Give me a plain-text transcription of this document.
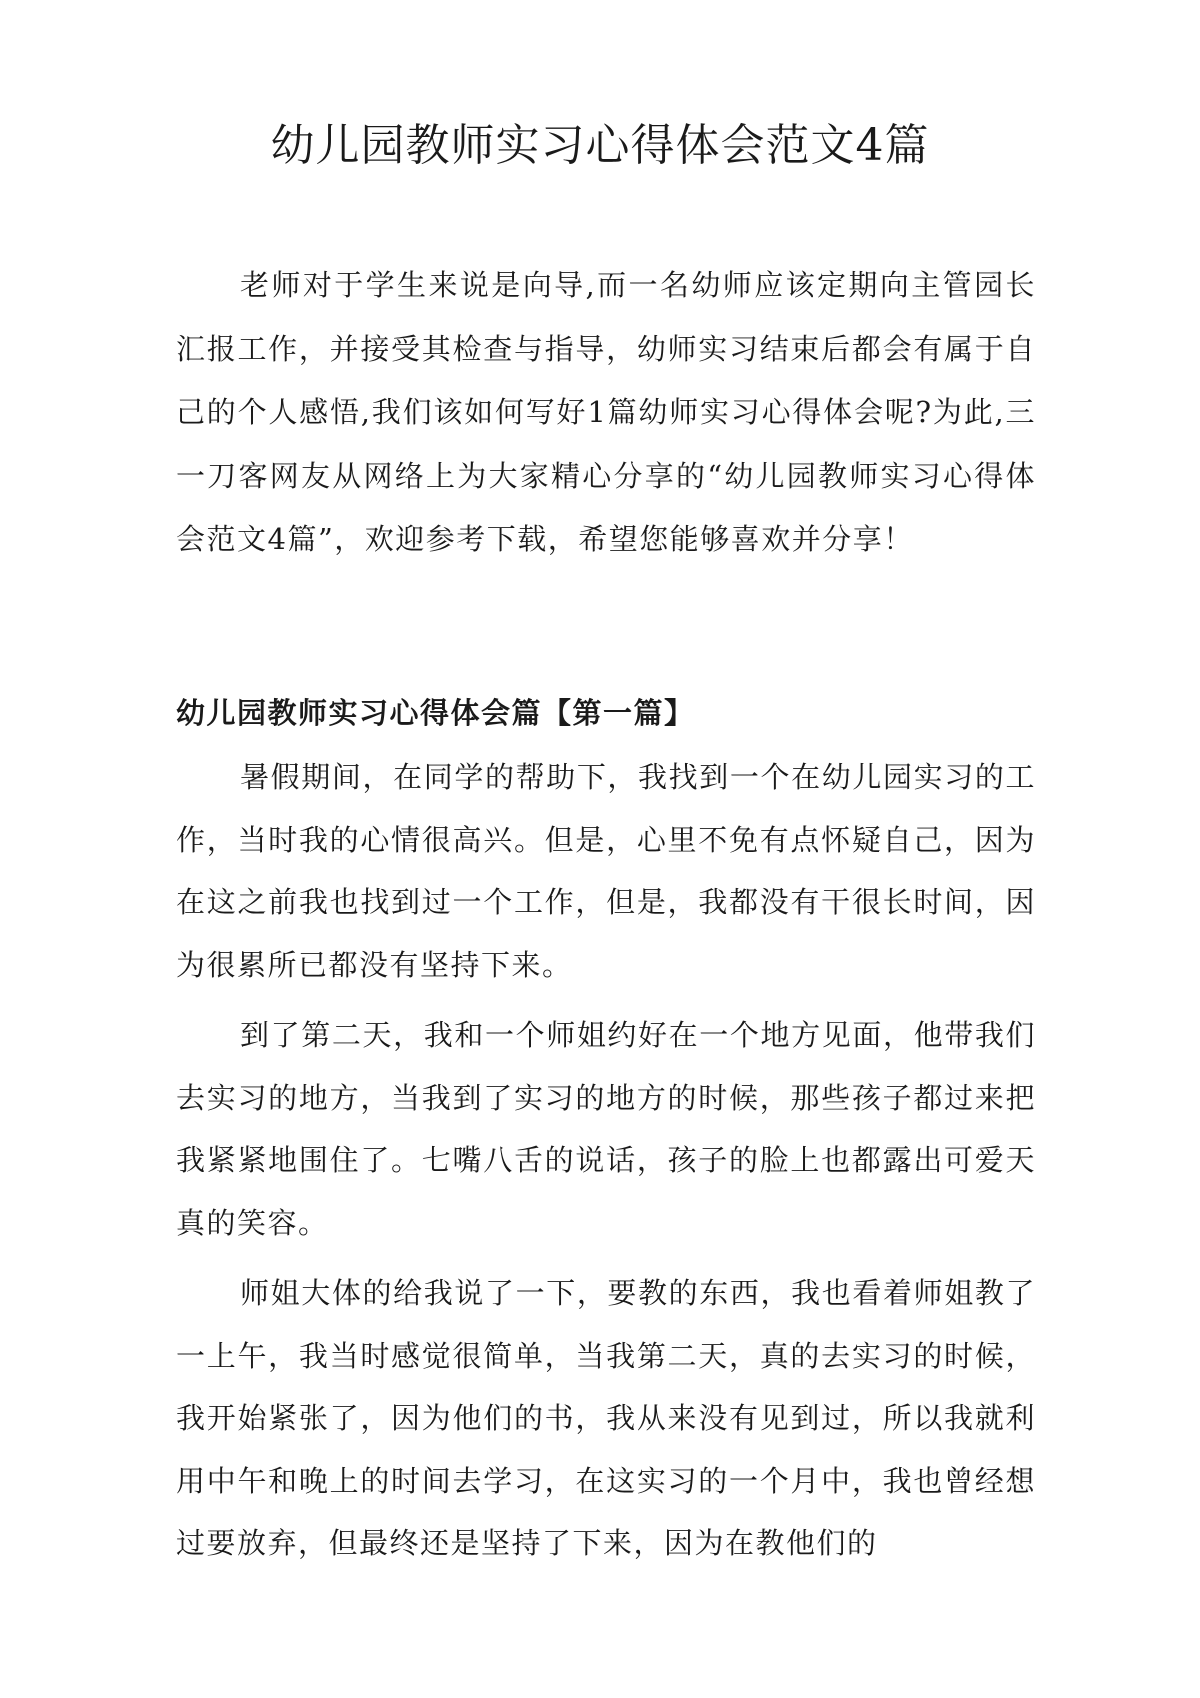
幼儿园教师实习心得体会范文4篇

老师对于学生来说是向导,而一名幼师应该定期向主管园长汇报工作，并接受其检查与指导，幼师实习结束后都会有属于自己的个人感悟,我们该如何写好1篇幼师实习心得体会呢?为此,三一刀客网友从网络上为大家精心分享的“幼儿园教师实习心得体会范文4篇”，欢迎参考下载，希望您能够喜欢并分享！

幼儿园教师实习心得体会篇【第一篇】

暑假期间，在同学的帮助下，我找到一个在幼儿园实习的工作，当时我的心情很高兴。但是，心里不免有点怀疑自己，因为在这之前我也找到过一个工作，但是，我都没有干很长时间，因为很累所已都没有坚持下来。

到了第二天，我和一个师姐约好在一个地方见面，他带我们去实习的地方，当我到了实习的地方的时候，那些孩子都过来把我紧紧地围住了。七嘴八舌的说话，孩子的脸上也都露出可爱天真的笑容。

师姐大体的给我说了一下，要教的东西，我也看着师姐教了一上午，我当时感觉很简单，当我第二天，真的去实习的时候，我开始紧张了，因为他们的书，我从来没有见到过，所以我就利用中午和晚上的时间去学习，在这实习的一个月中，我也曾经想过要放弃，但最终还是坚持了下来，因为在教他们的
